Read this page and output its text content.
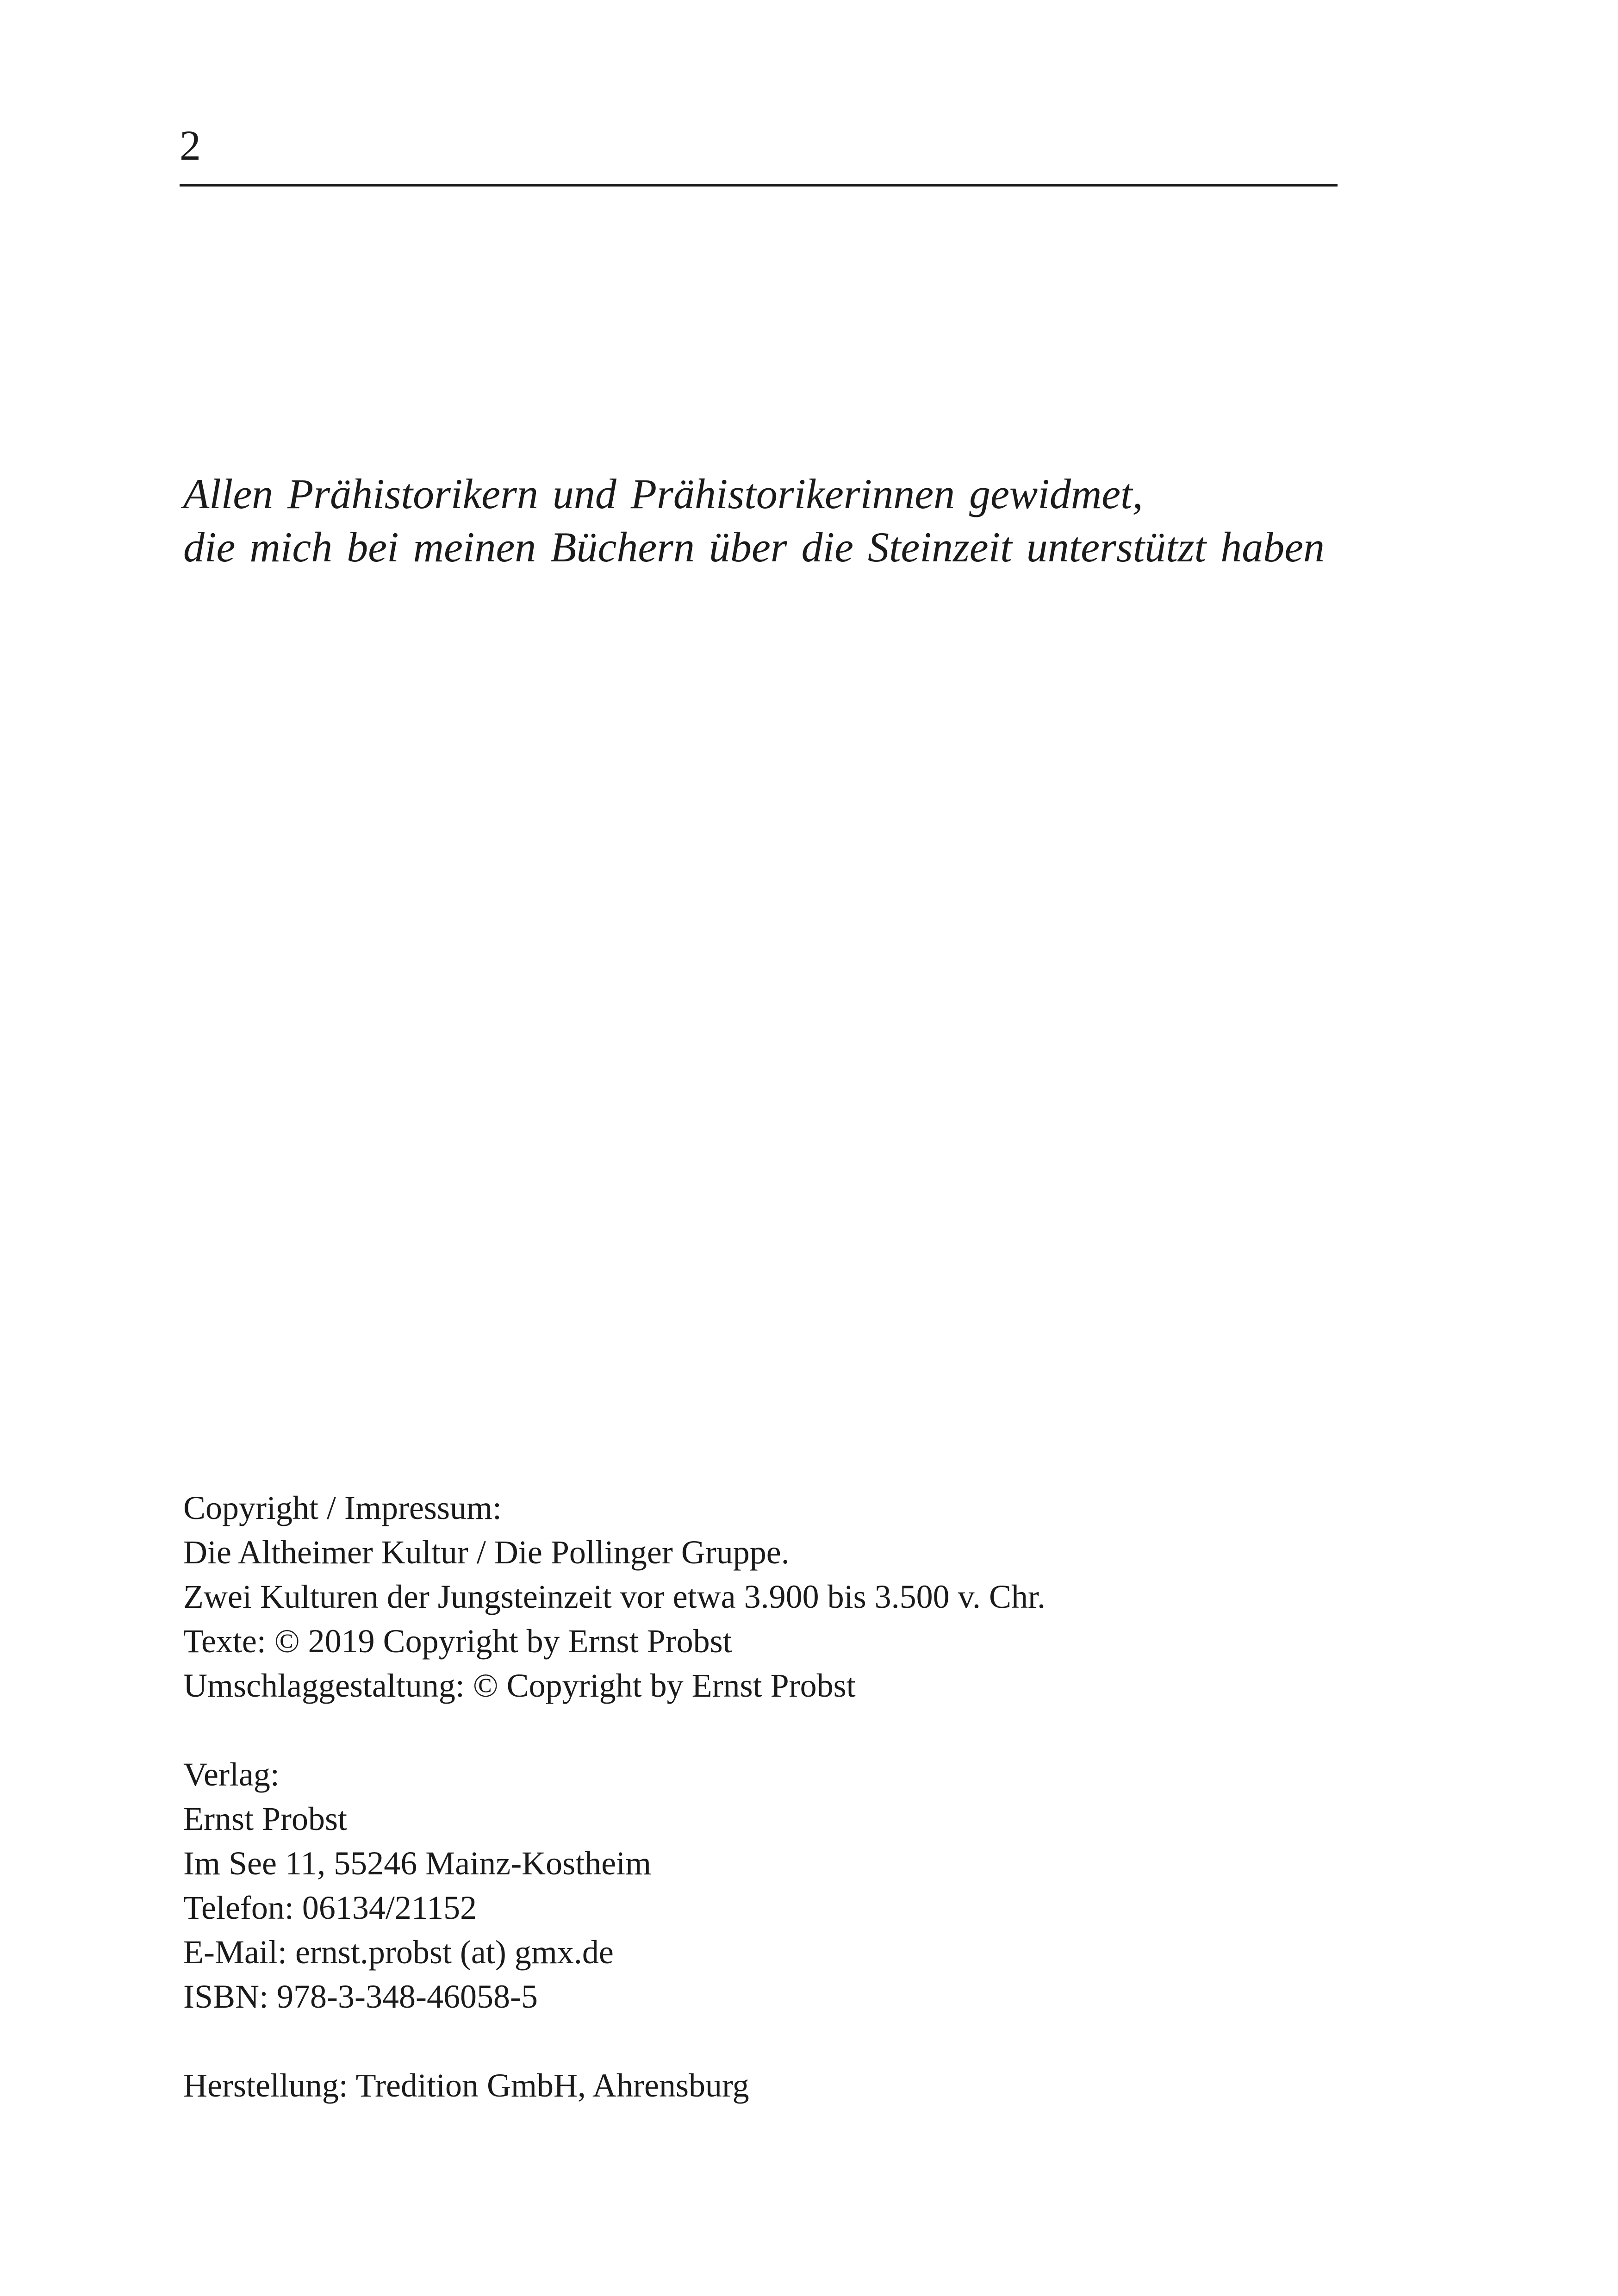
2
Allen Prähistorikern und Prähistorikerinnen gewidmet,
die mich bei meinen Büchern über die Steinzeit unterstützt haben
Copyright / Impressum:
Die Altheimer Kultur / Die Pollinger Gruppe.
Zwei Kulturen der Jungsteinzeit vor etwa 3.900 bis 3.500 v. Chr.
Texte: © 2019 Copyright by Ernst Probst
Umschlaggestaltung: © Copyright by Ernst Probst
Verlag:
Ernst Probst
Im See 11, 55246 Mainz-Kostheim
Telefon: 06134/21152
E-Mail: ernst.probst (at) gmx.de
ISBN: 978-3-348-46058-5
Herstellung: Tredition GmbH, Ahrensburg
